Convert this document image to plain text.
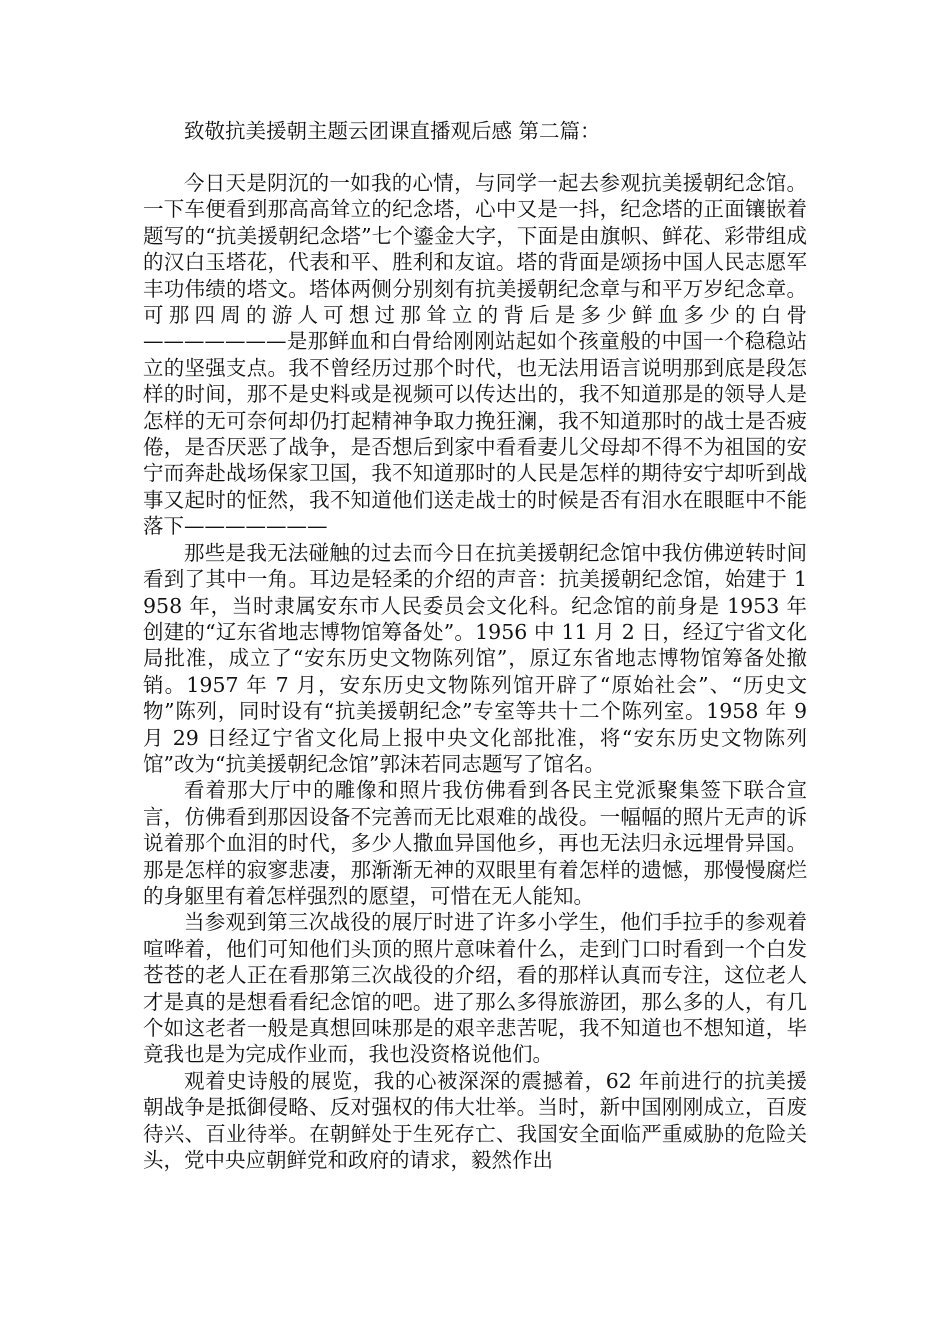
致敬抗美援朝主题云团课直播观后感 第二篇：

今日天是阴沉的一如我的心情，与同学一起去参观抗美援朝纪念馆。一下车便看到那高高耸立的纪念塔，心中又是一抖，纪念塔的正面镶嵌着题写的“抗美援朝纪念塔”七个鎏金大字，下面是由旗帜、鲜花、彩带组成的汉白玉塔花，代表和平、胜利和友谊。塔的背面是颂扬中国人民志愿军丰功伟绩的塔文。塔体两侧分别刻有抗美援朝纪念章与和平万岁纪念章。可那四周的游人可想过那耸立的背后是多少鲜血多少的白骨———————是那鲜血和白骨给刚刚站起如个孩童般的中国一个稳稳站立的坚强支点。我不曾经历过那个时代，也无法用语言说明那到底是段怎样的时间，那不是史料或是视频可以传达出的，我不知道那是的领导人是怎样的无可奈何却仍打起精神争取力挽狂澜，我不知道那时的战士是否疲倦，是否厌恶了战争，是否想后到家中看看妻儿父母却不得不为祖国的安宁而奔赴战场保家卫国，我不知道那时的人民是怎样的期待安宁却听到战事又起时的怔然，我不知道他们送走战士的时候是否有泪水在眼眶中不能落下———————

那些是我无法碰触的过去而今日在抗美援朝纪念馆中我仿佛逆转时间看到了其中一角。耳边是轻柔的介绍的声音：抗美援朝纪念馆，始建于 1958 年，当时隶属安东市人民委员会文化科。纪念馆的前身是 1953 年创建的“辽东省地志博物馆筹备处”。1956 中 11 月 2 日，经辽宁省文化局批准，成立了“安东历史文物陈列馆”，原辽东省地志博物馆筹备处撤销。1957 年 7 月，安东历史文物陈列馆开辟了“原始社会”、“历史文物”陈列，同时设有“抗美援朝纪念”专室等共十二个陈列室。1958 年 9 月 29 日经辽宁省文化局上报中央文化部批准，将“安东历史文物陈列馆”改为“抗美援朝纪念馆”郭沫若同志题写了馆名。

看着那大厅中的雕像和照片我仿佛看到各民主党派聚集签下联合宣言，仿佛看到那因设备不完善而无比艰难的战役。一幅幅的照片无声的诉说着那个血泪的时代，多少人撒血异国他乡，再也无法归永远埋骨异国。那是怎样的寂寥悲凄，那渐渐无神的双眼里有着怎样的遗憾，那慢慢腐烂的身躯里有着怎样强烈的愿望，可惜在无人能知。

当参观到第三次战役的展厅时进了许多小学生，他们手拉手的参观着喧哗着，他们可知他们头顶的照片意味着什么，走到门口时看到一个白发苍苍的老人正在看那第三次战役的介绍，看的那样认真而专注，这位老人才是真的是想看看纪念馆的吧。进了那么多得旅游团，那么多的人，有几个如这老者一般是真想回味那是的艰辛悲苦呢，我不知道也不想知道，毕竟我也是为完成作业而，我也没资格说他们。

观着史诗般的展览，我的心被深深的震撼着，62 年前进行的抗美援朝战争是抵御侵略、反对强权的伟大壮举。当时，新中国刚刚成立，百废待兴、百业待举。在朝鲜处于生死存亡、我国安全面临严重威胁的危险关头，党中央应朝鲜党和政府的请求，毅然作出
